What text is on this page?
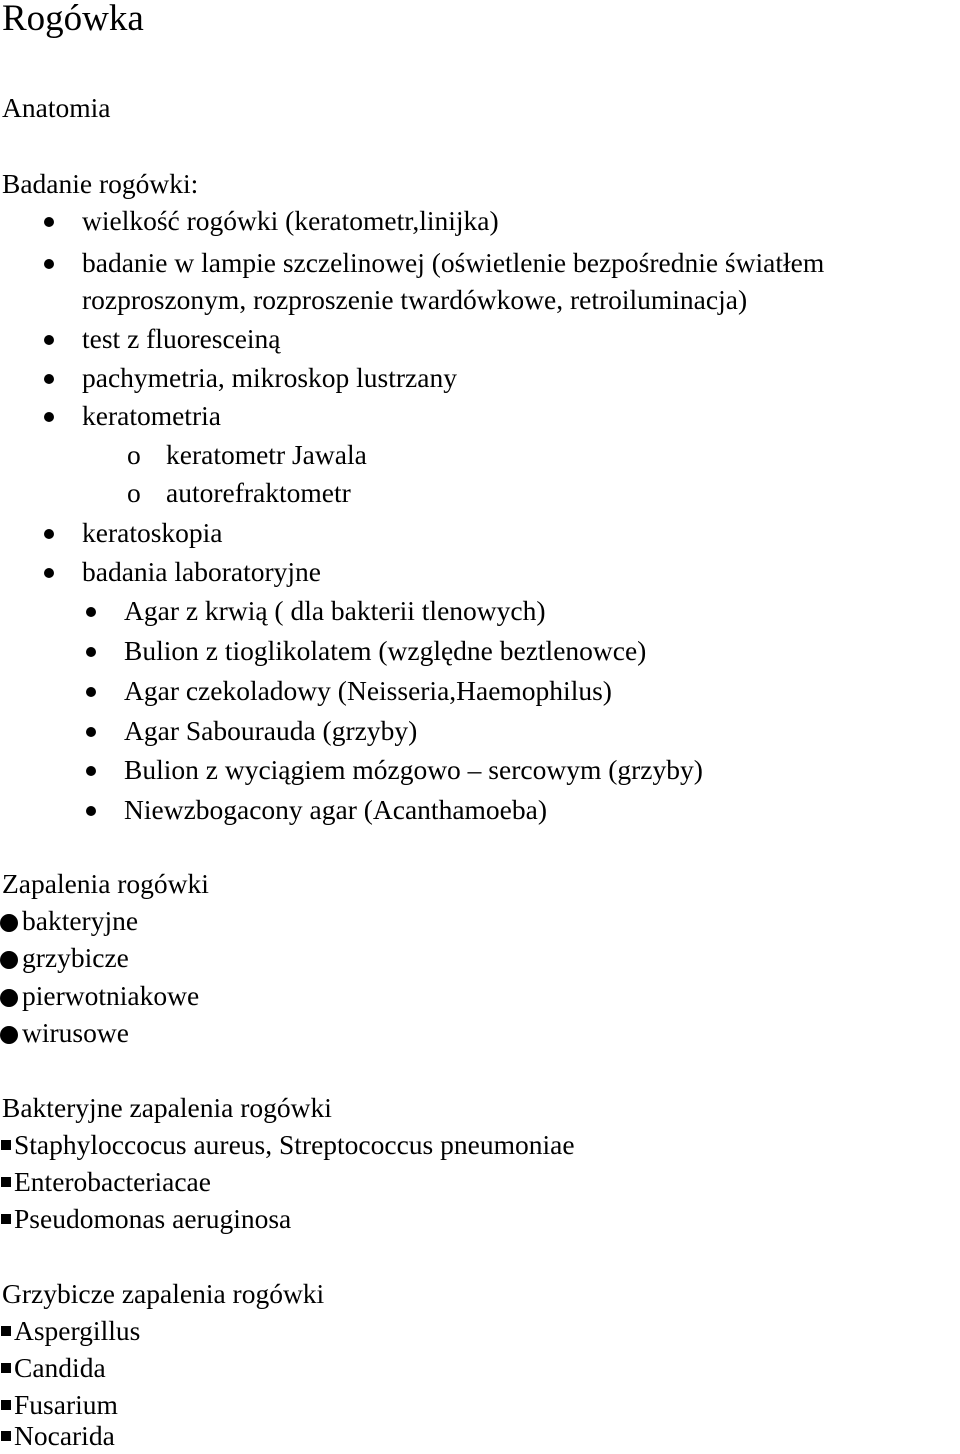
Rogówka
Anatomia
Badanie rogówki:
wielkość rogówki (keratometr,linijka)
badanie w lampie szczelinowej (oświetlenie bezpośrednie światłem
rozproszonym, rozproszenie twardówkowe, retroiluminacja)
test z fluoresceiną
pachymetria, mikroskop lustrzany
keratometria
o keratometr Jawala
o autorefraktometr
keratoskopia
badania laboratoryjne
Agar z krwią ( dla bakterii tlenowych)
Bulion z tioglikolatem (względne beztlenowce)
Agar czekoladowy (Neisseria,Haemophilus)
Agar Sabourauda (grzyby)
Bulion z wyciągiem mózgowo – sercowym (grzyby)
Niewzbogacony agar (Acanthamoeba)
Zapalenia rogówki
bakteryjne
grzybicze
pierwotniakowe
wirusowe
Bakteryjne zapalenia rogówki
Staphyloccocus aureus, Streptococcus pneumoniae
Enterobacteriacae
Pseudomonas aeruginosa
Grzybicze zapalenia rogówki
Aspergillus
Candida
Fusarium
Nocarida
